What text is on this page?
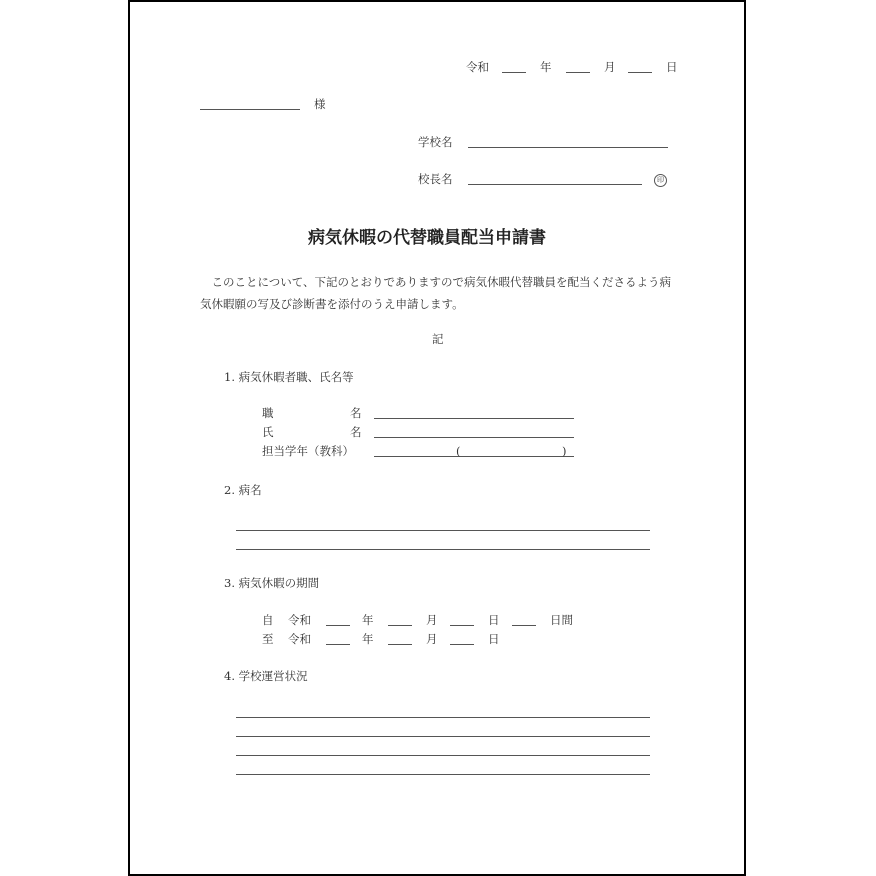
令和	年	月	日
様
学校名
校長名	印
病気休暇の代替職員配当申請書
　このことについて、下記のとおりでありますので病気休暇代替職員を配当くださるよう病気休暇願の写及び診断書を添付のうえ申請します。
記
1. 病気休暇者職、氏名等
職	名
氏	名
担当学年（教科）	(	)
2. 病名
3. 病気休暇の期間
自 令和	年	月	日	日間
至 令和	年	月	日
4. 学校運営状況
